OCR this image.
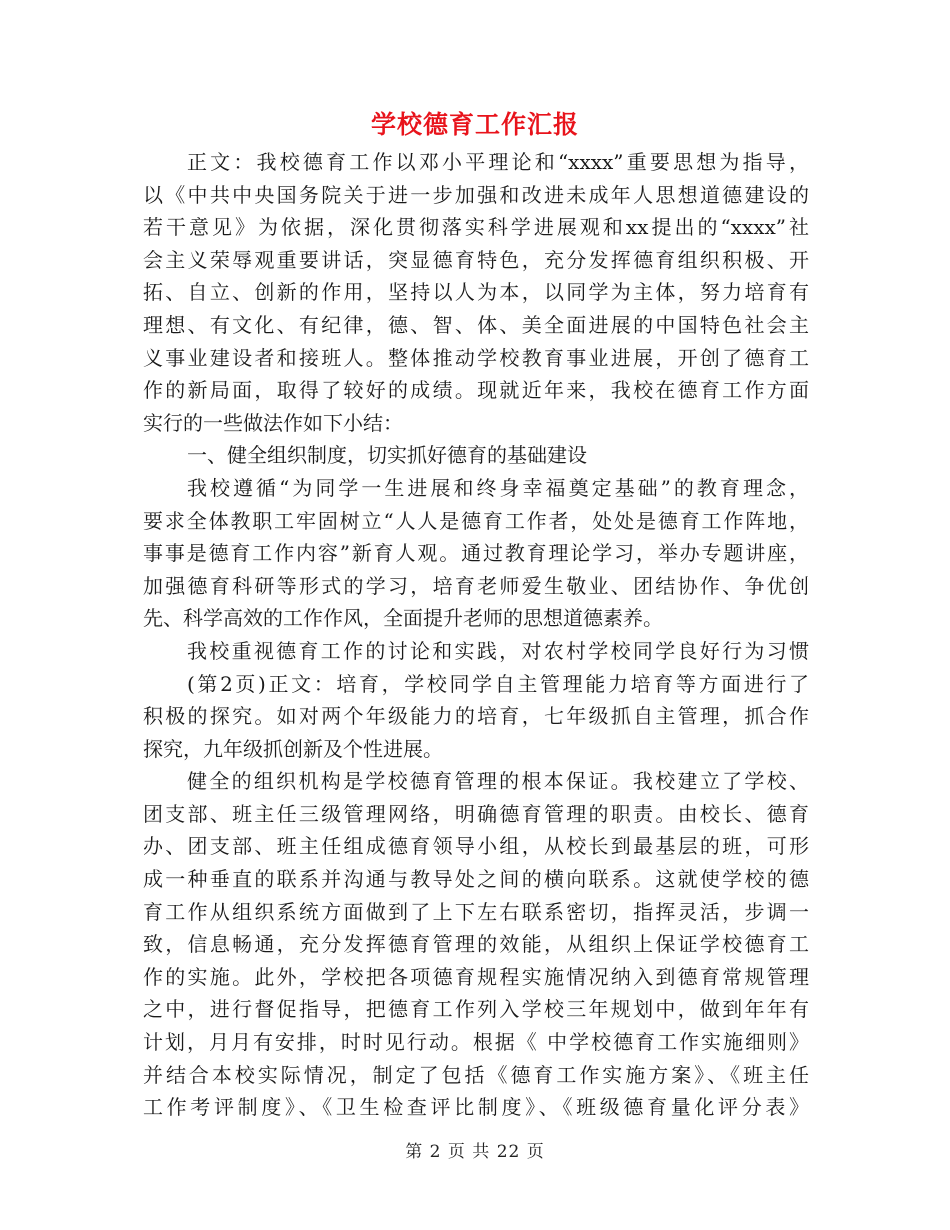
学校德育工作汇报
正文：我校德育工作以邓小平理论和“xxxx”重要思想为指导，
以《中共中央国务院关于进一步加强和改进未成年人思想道德建设的
若干意见》为依据，深化贯彻落实科学进展观和xx提出的“xxxx”社
会主义荣辱观重要讲话，突显德育特色，充分发挥德育组织积极、开
拓、自立、创新的作用，坚持以人为本，以同学为主体，努力培育有
理想、有文化、有纪律，德、智、体、美全面进展的中国特色社会主
义事业建设者和接班人。整体推动学校教育事业进展，开创了德育工
作的新局面，取得了较好的成绩。现就近年来，我校在德育工作方面
实行的一些做法作如下小结：
一、健全组织制度，切实抓好德育的基础建设
我校遵循“为同学一生进展和终身幸福奠定基础”的教育理念，
要求全体教职工牢固树立“人人是德育工作者，处处是德育工作阵地，
事事是德育工作内容”新育人观。通过教育理论学习，举办专题讲座，
加强德育科研等形式的学习，培育老师爱生敬业、团结协作、争优创
先、科学高效的工作作风，全面提升老师的思想道德素养。
我校重视德育工作的讨论和实践，对农村学校同学良好行为习惯
(第2页)正文：培育，学校同学自主管理能力培育等方面进行了
积极的探究。如对两个年级能力的培育，七年级抓自主管理，抓合作
探究，九年级抓创新及个性进展。
健全的组织机构是学校德育管理的根本保证。我校建立了学校、
团支部、班主任三级管理网络，明确德育管理的职责。由校长、德育
办、团支部、班主任组成德育领导小组，从校长到最基层的班，可形
成一种垂直的联系并沟通与教导处之间的横向联系。这就使学校的德
育工作从组织系统方面做到了上下左右联系密切，指挥灵活，步调一
致，信息畅通，充分发挥德育管理的效能，从组织上保证学校德育工
作的实施。此外，学校把各项德育规程实施情况纳入到德育常规管理
之中，进行督促指导，把德育工作列入学校三年规划中，做到年年有
计划，月月有安排，时时见行动。根据《 中学校德育工作实施细则》
并结合本校实际情况，制定了包括《德育工作实施方案》、《班主任
工作考评制度》、《卫生检查评比制度》、《班级德育量化评分表》
第 2 页 共 22 页
